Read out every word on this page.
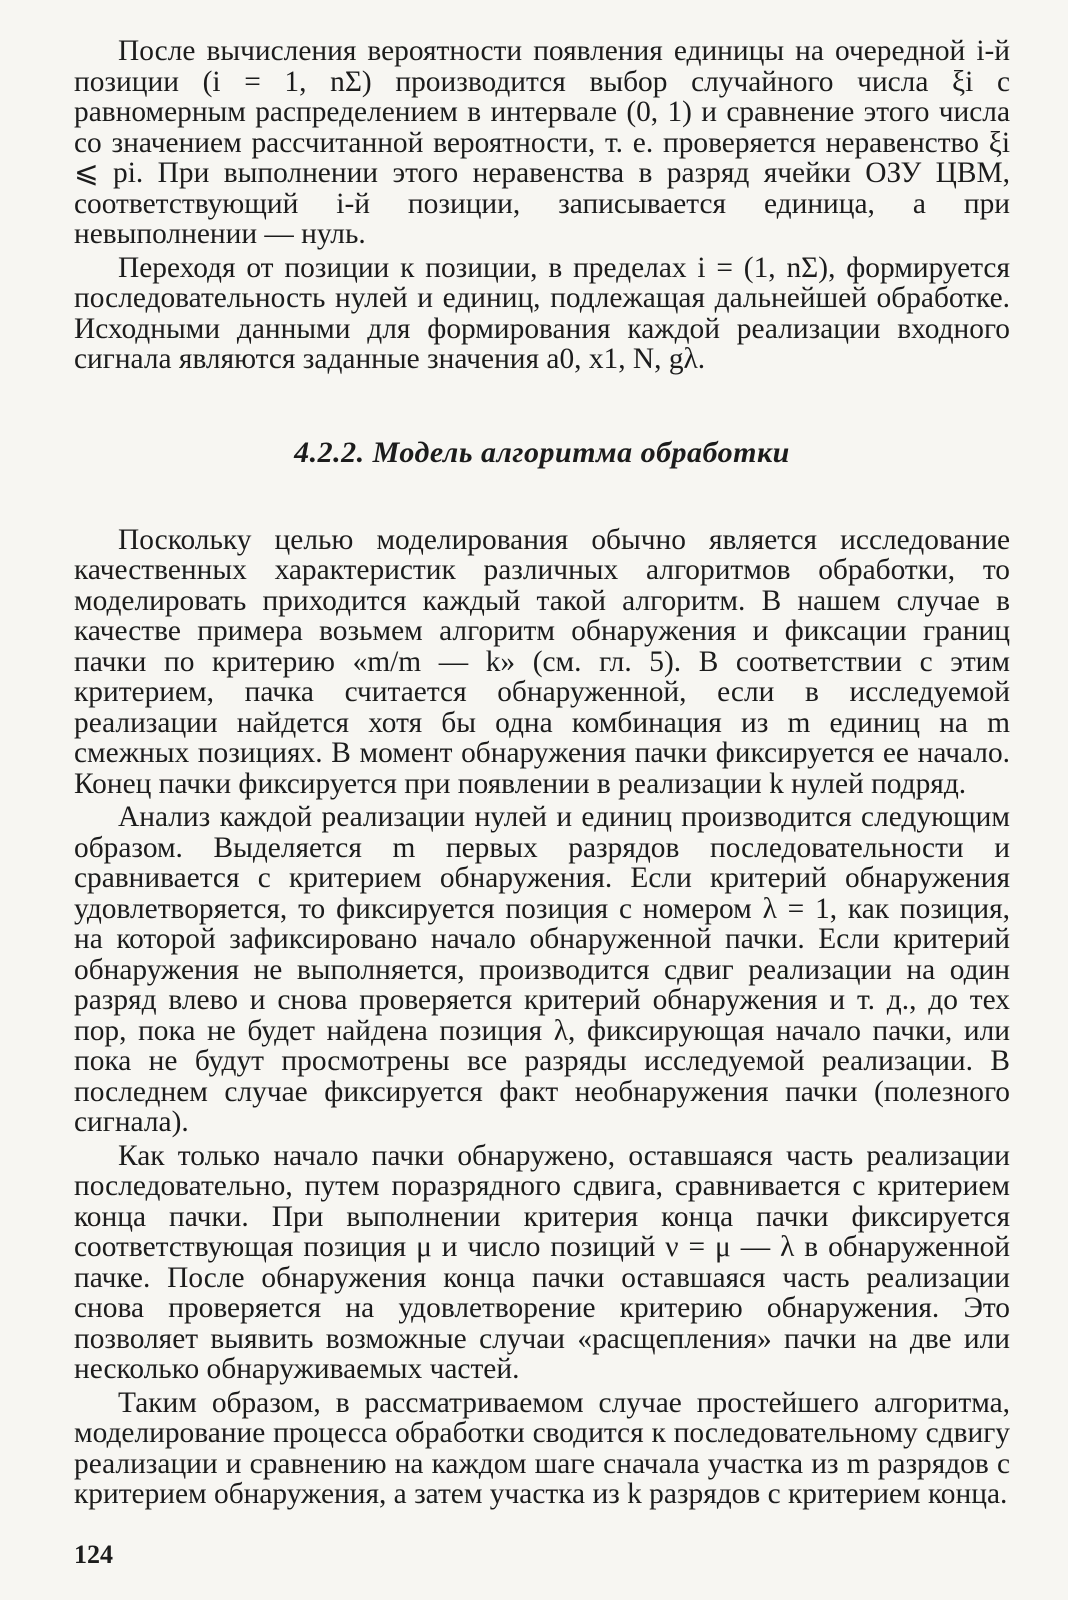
После вычисления вероятности появления единицы на очередной i-й позиции (i = 1, nΣ) производится выбор случайного числа ξi с равномерным распределением в интервале (0, 1) и сравнение этого числа со значением рассчитанной вероятности, т. е. проверяется неравенство ξi ⩽ pi. При выполнении этого неравенства в разряд ячейки ОЗУ ЦВМ, соответствующий i-й позиции, записывается единица, а при невыполнении — нуль.

Переходя от позиции к позиции, в пределах i = (1, nΣ), формируется последовательность нулей и единиц, подлежащая дальнейшей обработке. Исходными данными для формирования каждой реализации входного сигнала являются заданные значения a0, x1, N, gλ.

4.2.2. Модель алгоритма обработки

Поскольку целью моделирования обычно является исследование качественных характеристик различных алгоритмов обработки, то моделировать приходится каждый такой алгоритм. В нашем случае в качестве примера возьмем алгоритм обнаружения и фиксации границ пачки по критерию «m/m — k» (см. гл. 5). В соответствии с этим критерием, пачка считается обнаруженной, если в исследуемой реализации найдется хотя бы одна комбинация из m единиц на m смежных позициях. В момент обнаружения пачки фиксируется ее начало. Конец пачки фиксируется при появлении в реализации k нулей подряд.

Анализ каждой реализации нулей и единиц производится следующим образом. Выделяется m первых разрядов последовательности и сравнивается с критерием обнаружения. Если критерий обнаружения удовлетворяется, то фиксируется позиция с номером λ = 1, как позиция, на которой зафиксировано начало обнаруженной пачки. Если критерий обнаружения не выполняется, производится сдвиг реализации на один разряд влево и снова проверяется критерий обнаружения и т. д., до тех пор, пока не будет найдена позиция λ, фиксирующая начало пачки, или пока не будут просмотрены все разряды исследуемой реализации. В последнем случае фиксируется факт необнаружения пачки (полезного сигнала).

Как только начало пачки обнаружено, оставшаяся часть реализации последовательно, путем поразрядного сдвига, сравнивается с критерием конца пачки. При выполнении критерия конца пачки фиксируется соответствующая позиция μ и число позиций ν = μ — λ в обнаруженной пачке. После обнаружения конца пачки оставшаяся часть реализации снова проверяется на удовлетворение критерию обнаружения. Это позволяет выявить возможные случаи «расщепления» пачки на две или несколько обнаруживаемых частей.

Таким образом, в рассматриваемом случае простейшего алгоритма, моделирование процесса обработки сводится к последовательному сдвигу реализации и сравнению на каждом шаге сначала участка из m разрядов с критерием обнаружения, а затем участка из k разрядов с критерием конца.

124
